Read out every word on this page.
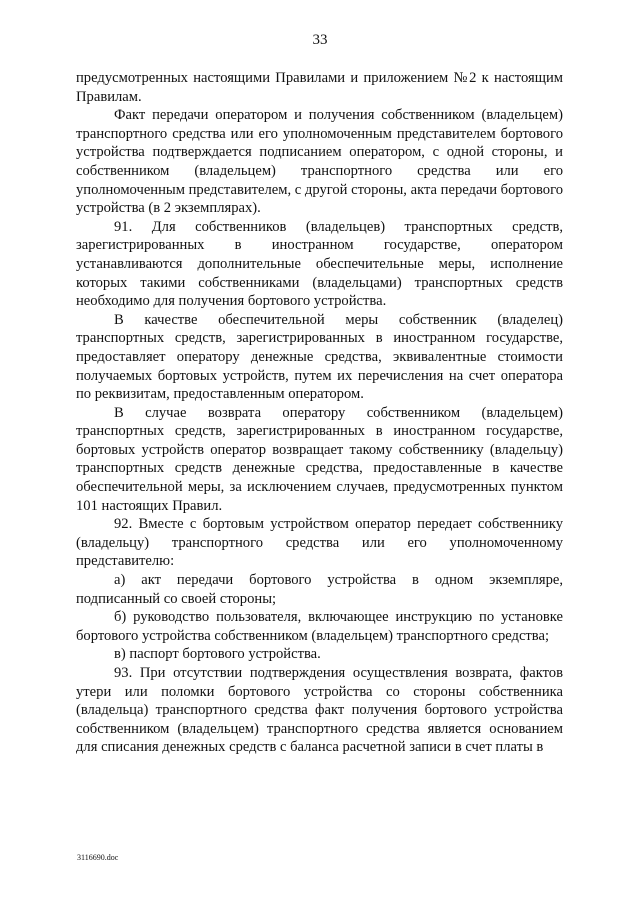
33

предусмотренных настоящими Правилами и приложением №2 к настоящим Правилам.

Факт передачи оператором и получения собственником (владельцем) транспортного средства или его уполномоченным представителем бортового устройства подтверждается подписанием оператором, с одной стороны, и собственником (владельцем) транспортного средства или его уполномоченным представителем, с другой стороны, акта передачи бортового устройства (в 2 экземплярах).

91. Для собственников (владельцев) транспортных средств, зарегистрированных в иностранном государстве, оператором устанавливаются дополнительные обеспечительные меры, исполнение которых такими собственниками (владельцами) транспортных средств необходимо для получения бортового устройства.

В качестве обеспечительной меры собственник (владелец) транспортных средств, зарегистрированных в иностранном государстве, предоставляет оператору денежные средства, эквивалентные стоимости получаемых бортовых устройств, путем их перечисления на счет оператора по реквизитам, предоставленным оператором.

В случае возврата оператору собственником (владельцем) транспортных средств, зарегистрированных в иностранном государстве, бортовых устройств оператор возвращает такому собственнику (владельцу) транспортных средств денежные средства, предоставленные в качестве обеспечительной меры, за исключением случаев, предусмотренных пунктом 101 настоящих Правил.

92. Вместе с бортовым устройством оператор передает собственнику (владельцу) транспортного средства или его уполномоченному представителю:

а) акт передачи бортового устройства в одном экземпляре, подписанный со своей стороны;

б) руководство пользователя, включающее инструкцию по установке бортового устройства собственником (владельцем) транспортного средства;

в) паспорт бортового устройства.

93. При отсутствии подтверждения осуществления возврата, фактов утери или поломки бортового устройства со стороны собственника (владельца) транспортного средства факт получения бортового устройства собственником (владельцем) транспортного средства является основанием для списания денежных средств с баланса расчетной записи в счет платы в

3116690.doc
